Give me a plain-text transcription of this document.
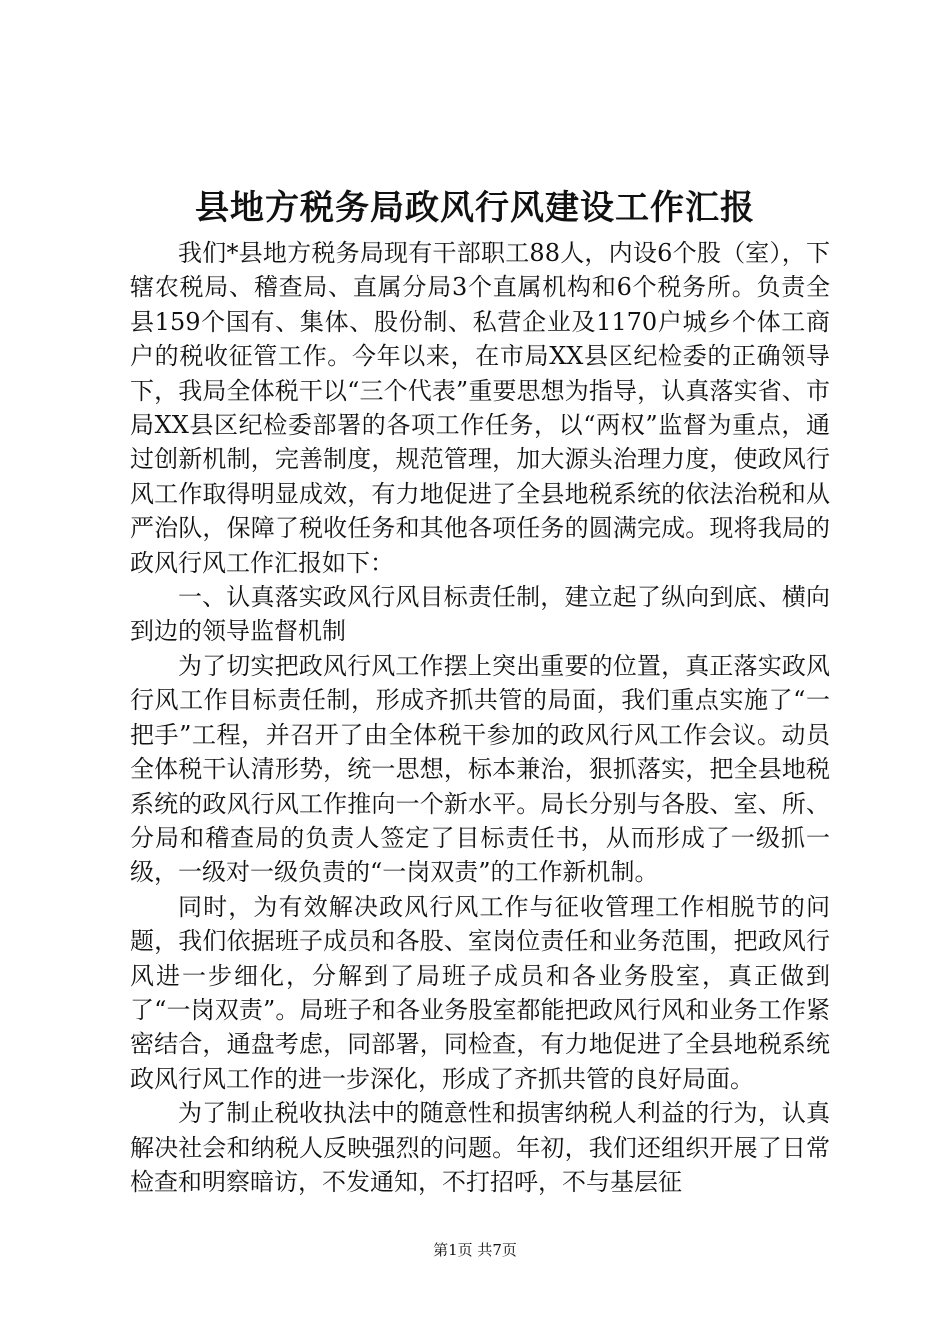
县地方税务局政风行风建设工作汇报

我们*县地方税务局现有干部职工88人，内设6个股（室），下辖农税局、稽查局、直属分局3个直属机构和6个税务所。负责全县159个国有、集体、股份制、私营企业及1170户城乡个体工商户的税收征管工作。今年以来，在市局XX县区纪检委的正确领导下，我局全体税干以“三个代表”重要思想为指导，认真落实省、市局XX县区纪检委部署的各项工作任务，以“两权”监督为重点，通过创新机制，完善制度，规范管理，加大源头治理力度，使政风行风工作取得明显成效，有力地促进了全县地税系统的依法治税和从严治队，保障了税收任务和其他各项任务的圆满完成。现将我局的政风行风工作汇报如下：

一、认真落实政风行风目标责任制，建立起了纵向到底、横向到边的领导监督机制

为了切实把政风行风工作摆上突出重要的位置，真正落实政风行风工作目标责任制，形成齐抓共管的局面，我们重点实施了“一把手”工程，并召开了由全体税干参加的政风行风工作会议。动员全体税干认清形势，统一思想，标本兼治，狠抓落实，把全县地税系统的政风行风工作推向一个新水平。局长分别与各股、室、所、分局和稽查局的负责人签定了目标责任书，从而形成了一级抓一级，一级对一级负责的“一岗双责”的工作新机制。

同时，为有效解决政风行风工作与征收管理工作相脱节的问题，我们依据班子成员和各股、室岗位责任和业务范围，把政风行风进一步细化，分解到了局班子成员和各业务股室，真正做到了“一岗双责”。局班子和各业务股室都能把政风行风和业务工作紧密结合，通盘考虑，同部署，同检查，有力地促进了全县地税系统政风行风工作的进一步深化，形成了齐抓共管的良好局面。

为了制止税收执法中的随意性和损害纳税人利益的行为，认真解决社会和纳税人反映强烈的问题。年初，我们还组织开展了日常检查和明察暗访，不发通知，不打招呼，不与基层征

第1页 共7页
